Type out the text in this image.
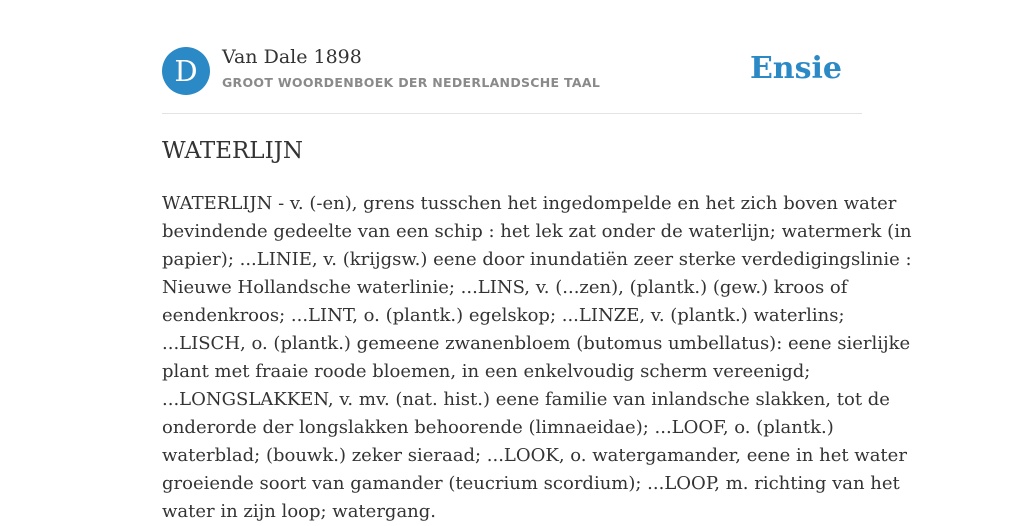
D	Van Dale 1898
GROOT WOORDENBOEK DER NEDERLANDSCHE TAAL	Ensie
WATERLIJN
WATERLIJN - v. (-en), grens tusschen het ingedompelde en het zich boven water
bevindende gedeelte van een schip : het lek zat onder de waterlijn; watermerk (in
papier); ...LINIE, v. (krijgsw.) eene door inundatiën zeer sterke verdedigingslinie :
Nieuwe Hollandsche waterlinie; ...LINS, v. (...zen), (plantk.) (gew.) kroos of
eendenkroos; ...LINT, o. (plantk.) egelskop; ...LINZE, v. (plantk.) waterlins;
...LISCH, o. (plantk.) gemeene zwanenbloem (butomus umbellatus): eene sierlijke
plant met fraaie roode bloemen, in een enkelvoudig scherm vereenigd;
...LONGSLAKKEN, v. mv. (nat. hist.) eene familie van inlandsche slakken, tot de
onderorde der longslakken behoorende (limnaeidae); ...LOOF, o. (plantk.)
waterblad; (bouwk.) zeker sieraad; ...LOOK, o. watergamander, eene in het water
groeiende soort van gamander (teucrium scordium); ...LOOP, m. richting van het
water in zijn loop; watergang.
